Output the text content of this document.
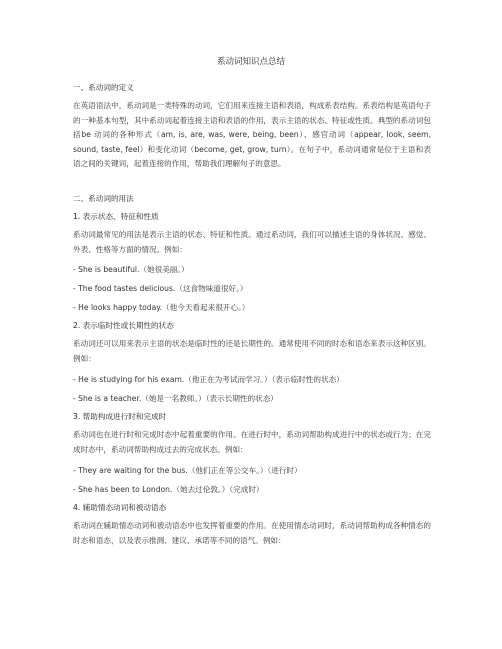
系动词知识点总结
一、系动词的定义
在英语语法中，系动词是一类特殊的动词，它们用来连接主语和表语，构成系表结构。系表结构是英语句子的一种基本句型，其中系动词起着连接主语和表语的作用，表示主语的状态、特征或性质。典型的系动词包括be 动词的各种形式（am, is, are, was, were, being, been）、感官动词（appear, look, seem, sound, taste, feel）和变化动词（become, get, grow, turn）。在句子中，系动词通常是位于主语和表语之间的关键词，起着连接的作用，帮助我们理解句子的意思。
二、系动词的用法
1. 表示状态、特征和性质
系动词最常见的用法是表示主语的状态、特征和性质。通过系动词，我们可以描述主语的身体状况、感觉、外表、性格等方面的情况。例如：
- She is beautiful.（她很美丽。）
- The food tastes delicious.（这食物味道很好。）
- He looks happy today.（他今天看起来很开心。）
2. 表示临时性或长期性的状态
系动词还可以用来表示主语的状态是临时性的还是长期性的。通常使用不同的时态和语态来表示这种区别。例如：
- He is studying for his exam.（他正在为考试而学习。）（表示临时性的状态）
- She is a teacher.（她是一名教师。）（表示长期性的状态）
3. 帮助构成进行时和完成时
系动词也在进行时和完成时态中起着重要的作用。在进行时中，系动词帮助构成进行中的状态或行为；在完成时态中，系动词帮助构成过去的完成状态。例如：
- They are waiting for the bus.（他们正在等公交车。）（进行时）
- She has been to London.（她去过伦敦。）（完成时）
4. 辅助情态动词和被动语态
系动词在辅助情态动词和被动语态中也发挥着重要的作用。在使用情态动词时，系动词帮助构成各种情态的时态和语态，以及表示推测、建议、承诺等不同的语气。例如：
